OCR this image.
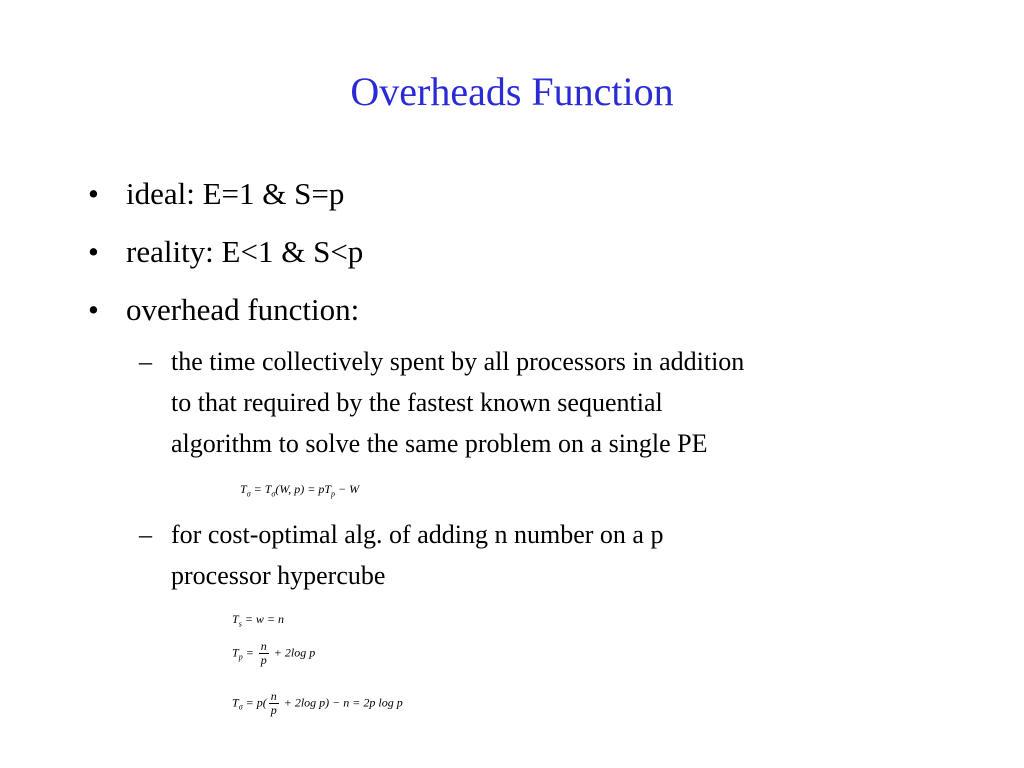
Overheads Function
• ideal: E=1 & S=p
• reality: E<1 & S<p
• overhead function:
– the time collectively spent by all processors in addition
to that required by the fastest known sequential
algorithm to solve the same problem on a single PE
$T_\sigma = T_\sigma(W$, $p) = pT_p - W$
– for cost-optimal alg. of adding n number on a p
processor hypercube
$T_s = w = n$
$T_p = \frac{n}{p} + 2\log$ p
$T_\sigma = p( \frac{n}{p} + 2\log$ p) − n = 2p log p
